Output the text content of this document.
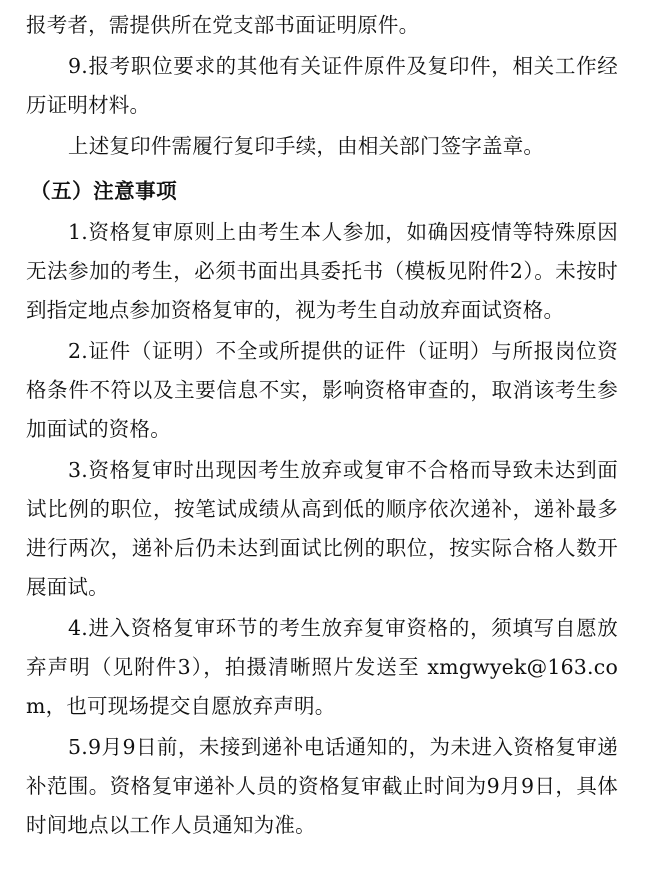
报考者，需提供所在党支部书面证明原件。

9.报考职位要求的其他有关证件原件及复印件，相关工作经历证明材料。

上述复印件需履行复印手续，由相关部门签字盖章。

（五）注意事项

1.资格复审原则上由考生本人参加，如确因疫情等特殊原因无法参加的考生，必须书面出具委托书（模板见附件2）。未按时到指定地点参加资格复审的，视为考生自动放弃面试资格。

2.证件（证明）不全或所提供的证件（证明）与所报岗位资格条件不符以及主要信息不实，影响资格审查的，取消该考生参加面试的资格。

3.资格复审时出现因考生放弃或复审不合格而导致未达到面试比例的职位，按笔试成绩从高到低的顺序依次递补，递补最多进行两次，递补后仍未达到面试比例的职位，按实际合格人数开展面试。

4.进入资格复审环节的考生放弃复审资格的，须填写自愿放弃声明（见附件3），拍摄清晰照片发送至 xmgwyek@163.com，也可现场提交自愿放弃声明。

5.9月9日前，未接到递补电话通知的，为未进入资格复审递补范围。资格复审递补人员的资格复审截止时间为9月9日，具体时间地点以工作人员通知为准。
